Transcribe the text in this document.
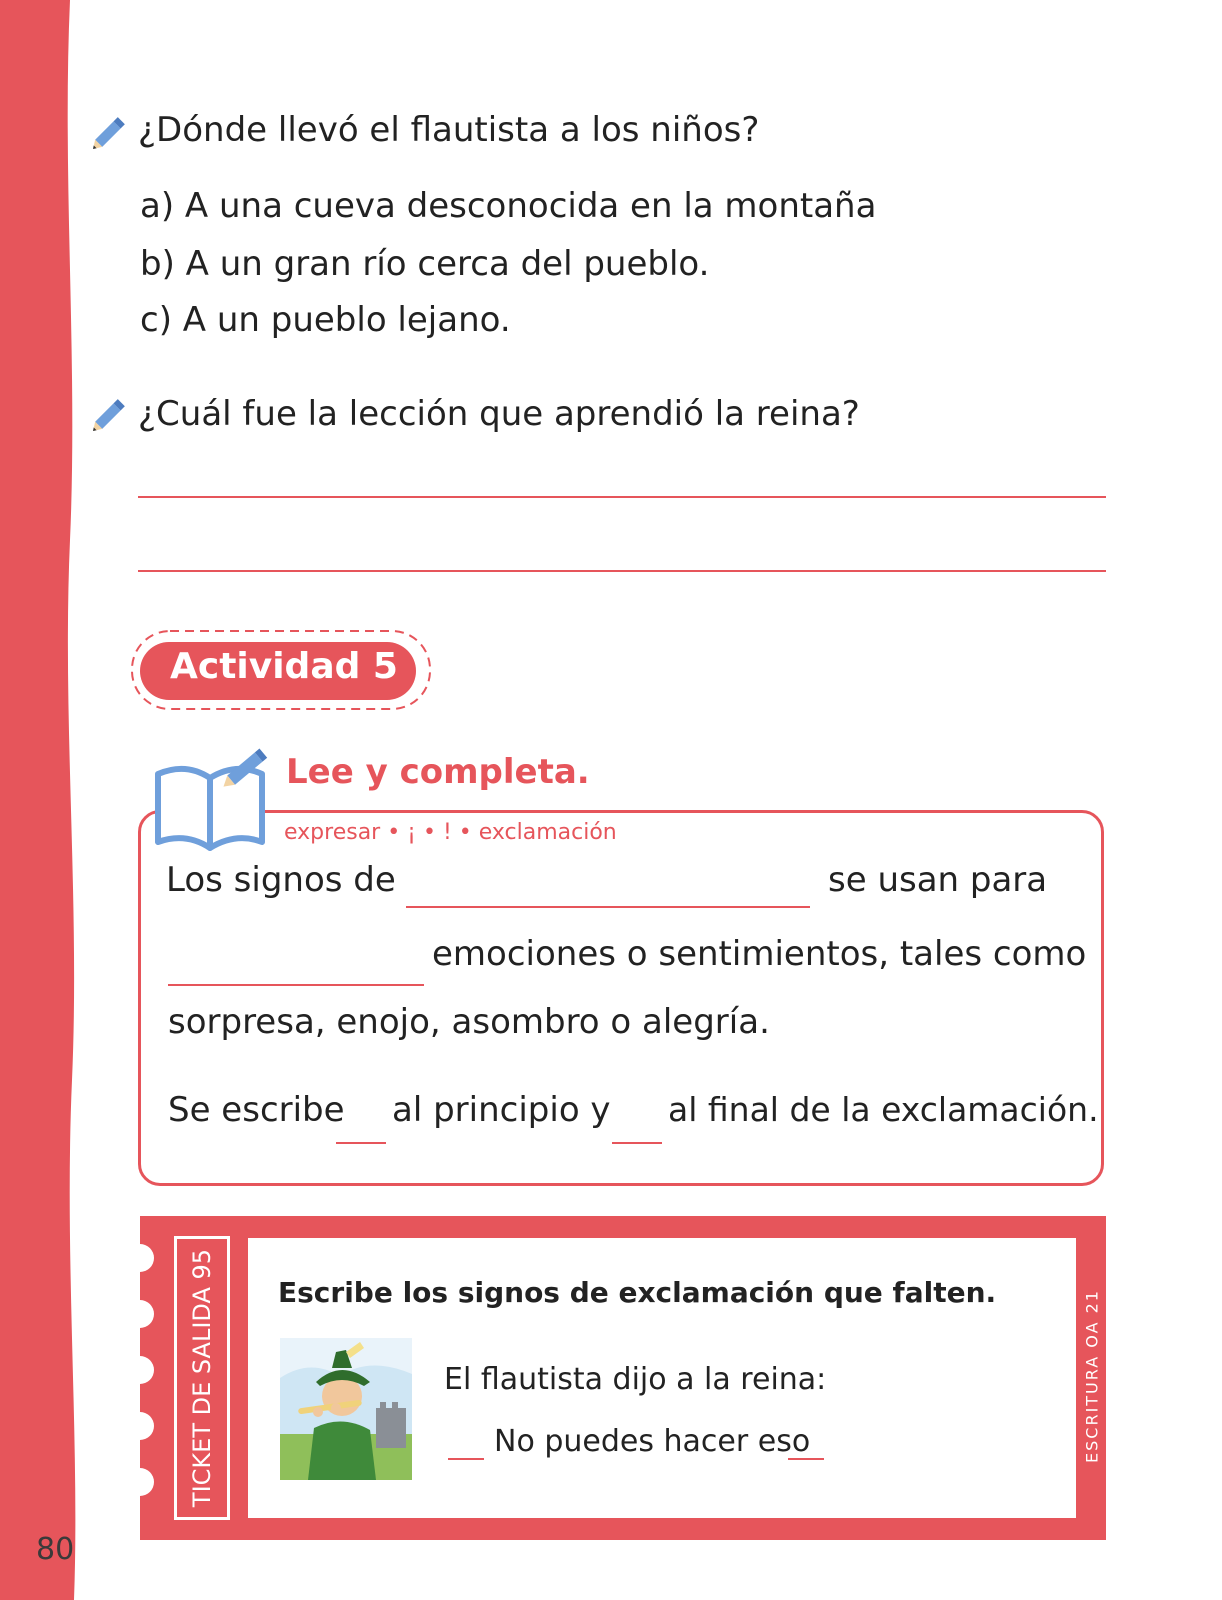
80
¿Dónde llevó el flautista a los niños?
a) A una cueva desconocida en la montaña
b) A un gran río cerca del pueblo.
c) A un pueblo lejano.
¿Cuál fue la lección que aprendió la reina?
Actividad 5
Lee y completa.
expresar • ¡ • ! • exclamación
Los signos de	se usan para
emociones o sentimientos, tales como
sorpresa, enojo, asombro o alegría.
Se escribe al principio y al final de la exclamación.
TICKET DE SALIDA 95 Escribe los signos de exclamación que falten.
El flautista dijo a la reina:
No puedes hacer eso	ESCRITURA OA 21
